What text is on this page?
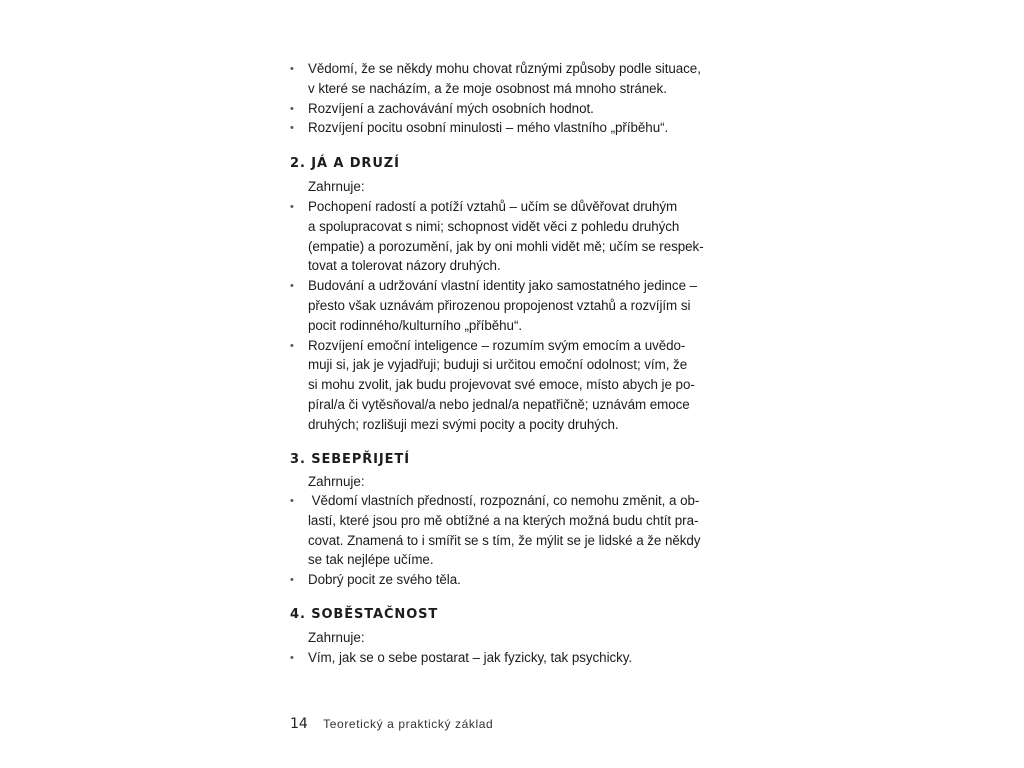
• Vědomí, že se někdy mohu chovat různými způsoby podle situace,
v které se nacházím, a že moje osobnost má mnoho stránek.
• Rozvíjení a zachovávání mých osobních hodnot.
• Rozvíjení pocitu osobní minulosti – mého vlastního „příběhu“.
2. JÁ A DRUZÍ
Zahrnuje:
• Pochopení radostí a potíží vztahů – učím se důvěřovat druhým
a spolupracovat s nimi; schopnost vidět věci z pohledu druhých
(empatie) a porozumění, jak by oni mohli vidět mě; učím se respek-
tovat a tolerovat názory druhých.
• Budování a udržování vlastní identity jako samostatného jedince –
přesto však uznávám přirozenou propojenost vztahů a rozvíjím si
pocit rodinného/kulturního „příběhu“.
• Rozvíjení emoční inteligence – rozumím svým emocím a uvědo-
muji si, jak je vyjadřuji; buduji si určitou emoční odolnost; vím, že
si mohu zvolit, jak budu projevovat své emoce, místo abych je po-
píral/a či vytěsňoval/a nebo jednal/a nepatřičně; uznávám emoce
druhých; rozlišuji mezi svými pocity a pocity druhých.
3. SEBEPŘIJETÍ
Zahrnuje:
• Vědomí vlastních předností, rozpoznání, co nemohu změnit, a ob-
lastí, které jsou pro mě obtížné a na kterých možná budu chtít pra-
covat. Znamená to i smířit se s tím, že mýlit se je lidské a že někdy
se tak nejlépe učíme.
• Dobrý pocit ze svého těla.
4. SOBĚSTAČNOST
Zahrnuje:
• Vím, jak se o sebe postarat – jak fyzicky, tak psychicky.
14 Teoretický a praktický základ
